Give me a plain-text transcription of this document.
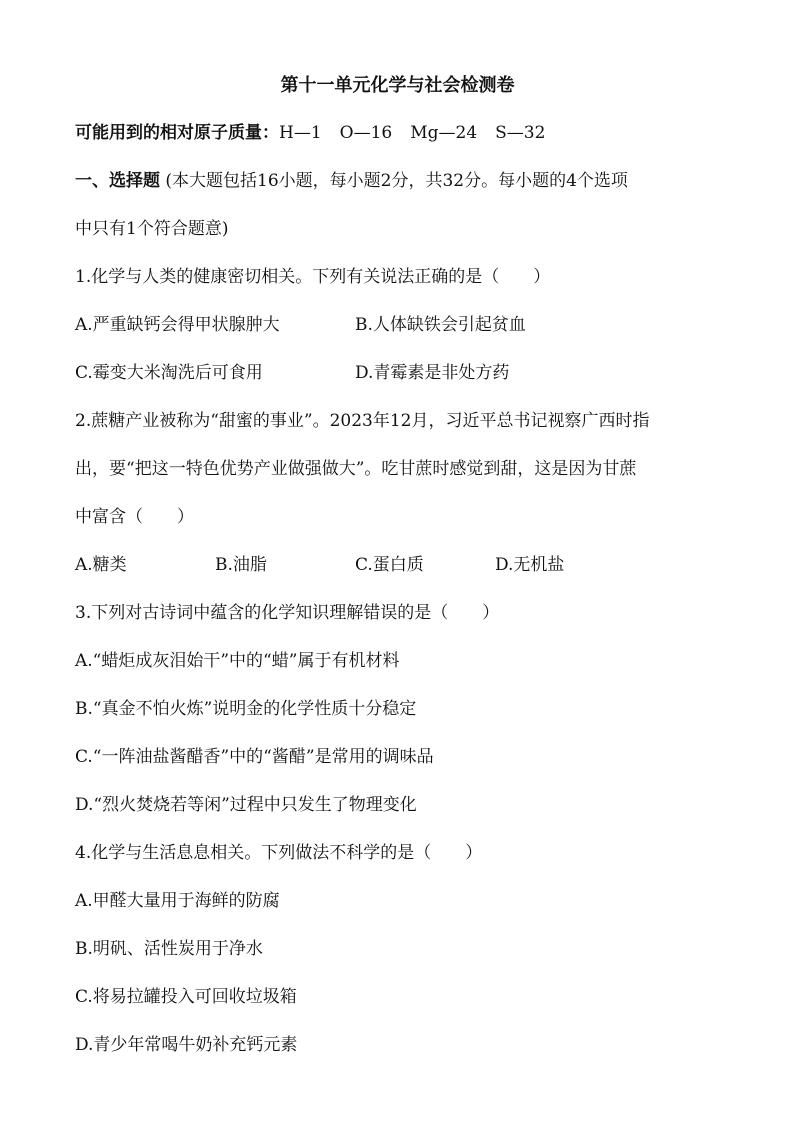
第十一单元化学与社会检测卷
可能用到的相对原子质量：H—1 O—16 Mg—24 S—32
一、选择题 (本大题包括16小题，每小题2分，共32分。每小题的4个选项
中只有1个符合题意)
1.化学与人类的健康密切相关。下列有关说法正确的是（　　）
A.严重缺钙会得甲状腺肿大	B.人体缺铁会引起贫血
C.霉变大米淘洗后可食用	D.青霉素是非处方药
2.蔗糖产业被称为“甜蜜的事业”。2023年12月，习近平总书记视察广西时指
出，要“把这一特色优势产业做强做大”。吃甘蔗时感觉到甜，这是因为甘蔗
中富含（　　）
A.糖类	B.油脂	C.蛋白质	D.无机盐
3.下列对古诗词中蕴含的化学知识理解错误的是（　　）
A.“蜡炬成灰泪始干”中的“蜡”属于有机材料
B.“真金不怕火炼”说明金的化学性质十分稳定
C.“一阵油盐酱醋香”中的“酱醋”是常用的调味品
D.“烈火焚烧若等闲”过程中只发生了物理变化
4.化学与生活息息相关。下列做法不科学的是（　　）
A.甲醛大量用于海鲜的防腐
B.明矾、活性炭用于净水
C.将易拉罐投入可回收垃圾箱
D.青少年常喝牛奶补充钙元素
